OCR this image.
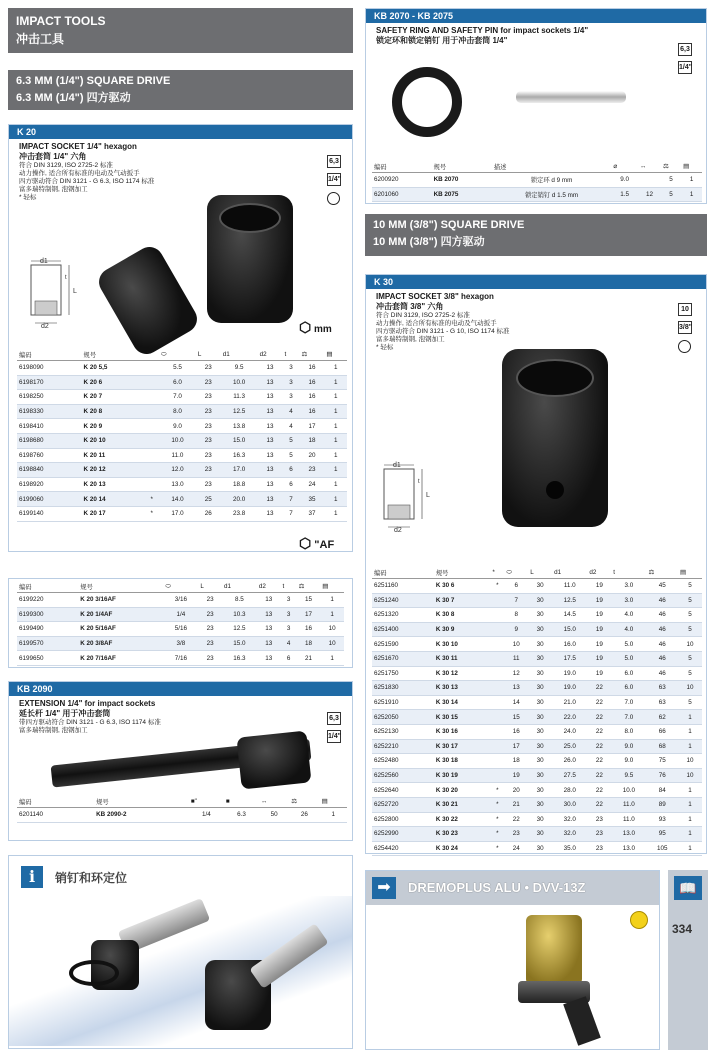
IMPACT TOOLS
冲击工具
6.3 MM (1/4") SQUARE DRIVE
6.3 MM (1/4") 四方驱动
K 20
IMPACT SOCKET 1/4" hexagon
冲击套筒 1/4" 六角
符合 DIN 3129, ISO 2725-2 标准
动力操作, 适合所有标准的电动及气动扳手
四方驱动符合 DIN 3121 - G 6.3, ISO 1174 标准
富多瑞特制钢, 泡钢加工
* 轻标
6,3
1/4"
d1
d2
L
t
⬡ mm
编码	规号	*	⬭	L	d1	d2	t	⚖	▤
6198090	K 20 5,5		5.5	23	9.5	13	3	16	1
6198170	K 20 6		6.0	23	10.0	13	3	16	1
6198250	K 20 7		7.0	23	11.3	13	3	16	1
6198330	K 20 8		8.0	23	12.5	13	4	16	1
6198410	K 20 9		9.0	23	13.8	13	4	17	1
6198680	K 20 10		10.0	23	15.0	13	5	18	1
6198760	K 20 11		11.0	23	16.3	13	5	20	1
6198840	K 20 12		12.0	23	17.0	13	6	23	1
6198920	K 20 13		13.0	23	18.8	13	6	24	1
6199060	K 20 14	*	14.0	25	20.0	13	7	35	1
6199140	K 20 17	*	17.0	26	23.8	13	7	37	1
⬡ "AF
编码	规号	⬭	L	d1	d2	t	⚖	▤
6199220	K 20 3/16AF	3/16	23	8.5	13	3	15	1
6199300	K 20 1/4AF	1/4	23	10.3	13	3	17	1
6199490	K 20 5/16AF	5/16	23	12.5	13	3	16	10
6199570	K 20 3/8AF	3/8	23	15.0	13	4	18	10
6199650	K 20 7/16AF	7/16	23	16.3	13	6	21	1
KB 2090
EXTENSION 1/4" for impact sockets
延长杆 1/4" 用于冲击套筒
带四方驱动符合 DIN 3121 - G 6.3, ISO 1174 标准
富多瑞特制钢, 泡钢加工
6,3
1/4"
编码	规号	■"	■	↔	⚖	▤
6201140	KB 2090-2	1/4	6.3	50	26	1
i	销钉和环定位
KB 2070 - KB 2075
SAFETY RING AND SAFETY PIN for impact sockets 1/4"
锁定环和锁定销钉 用于冲击套筒 1/4"
6,3
1/4"
编码	规号	描述	⌀	↔	⚖	▤
6200920	KB 2070	锁定环 d 9 mm	9.0		5	1
6201060	KB 2075	锁定销钉 d 1.5 mm	1.5	12	5	1
10 MM (3/8") SQUARE DRIVE
10 MM (3/8") 四方驱动
K 30
IMPACT SOCKET 3/8" hexagon
冲击套筒 3/8" 六角
符合 DIN 3129, ISO 2725-2 标准
动力操作, 适合所有标准的电动及气动扳手
四方驱动符合 DIN 3121 - G 10, ISO 1174 标准
富多瑞特制钢, 泡钢加工
* 轻标
10
3/8"
d1
d2
L
t
编码	规号	*	⬭	L	d1	d2	t	⚖	▤
6251160	K 30 6	*	6	30	11.0	19	3.0	45	5
6251240	K 30 7		7	30	12.5	19	3.0	46	5
6251320	K 30 8		8	30	14.5	19	4.0	46	5
6251400	K 30 9		9	30	15.0	19	4.0	46	5
6251590	K 30 10		10	30	16.0	19	5.0	46	10
6251670	K 30 11		11	30	17.5	19	5.0	46	5
6251750	K 30 12		12	30	19.0	19	6.0	46	5
6251830	K 30 13		13	30	19.0	22	6.0	63	10
6251910	K 30 14		14	30	21.0	22	7.0	63	5
6252050	K 30 15		15	30	22.0	22	7.0	62	1
6252130	K 30 16		16	30	24.0	22	8.0	66	1
6252210	K 30 17		17	30	25.0	22	9.0	68	1
6252480	K 30 18		18	30	26.0	22	9.0	75	10
6252560	K 30 19		19	30	27.5	22	9.5	76	10
6252640	K 30 20	*	20	30	28.0	22	10.0	84	1
6252720	K 30 21	*	21	30	30.0	22	11.0	89	1
6252800	K 30 22	*	22	30	32.0	23	11.0	93	1
6252990	K 30 23	*	23	30	32.0	23	13.0	95	1
6254420	K 30 24	*	24	30	35.0	23	13.0	105	1
➡	DREMOPLUS ALU • DVV-13Z	📖
334
